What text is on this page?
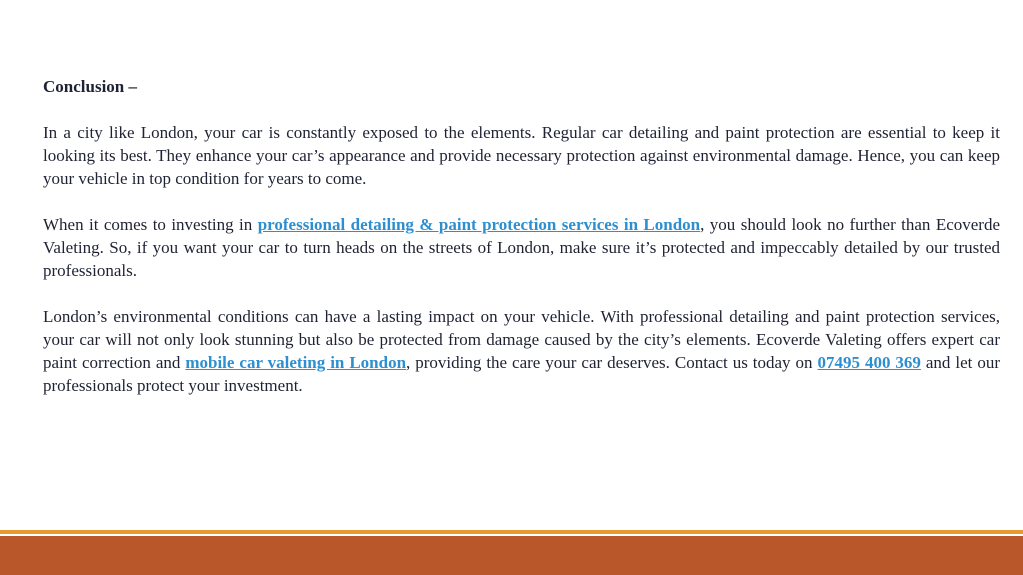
Conclusion –

In a city like London, your car is constantly exposed to the elements. Regular car detailing and paint protection are essential to keep it looking its best. They enhance your car’s appearance and provide necessary protection against environmental damage. Hence, you can keep your vehicle in top condition for years to come.

When it comes to investing in professional detailing & paint protection services in London, you should look no further than Ecoverde Valeting. So, if you want your car to turn heads on the streets of London, make sure it’s protected and impeccably detailed by our trusted professionals.

London’s environmental conditions can have a lasting impact on your vehicle. With professional detailing and paint protection services, your car will not only look stunning but also be protected from damage caused by the city’s elements. Ecoverde Valeting offers expert car paint correction and mobile car valeting in London, providing the care your car deserves. Contact us today on 07495 400 369 and let our professionals protect your investment.
